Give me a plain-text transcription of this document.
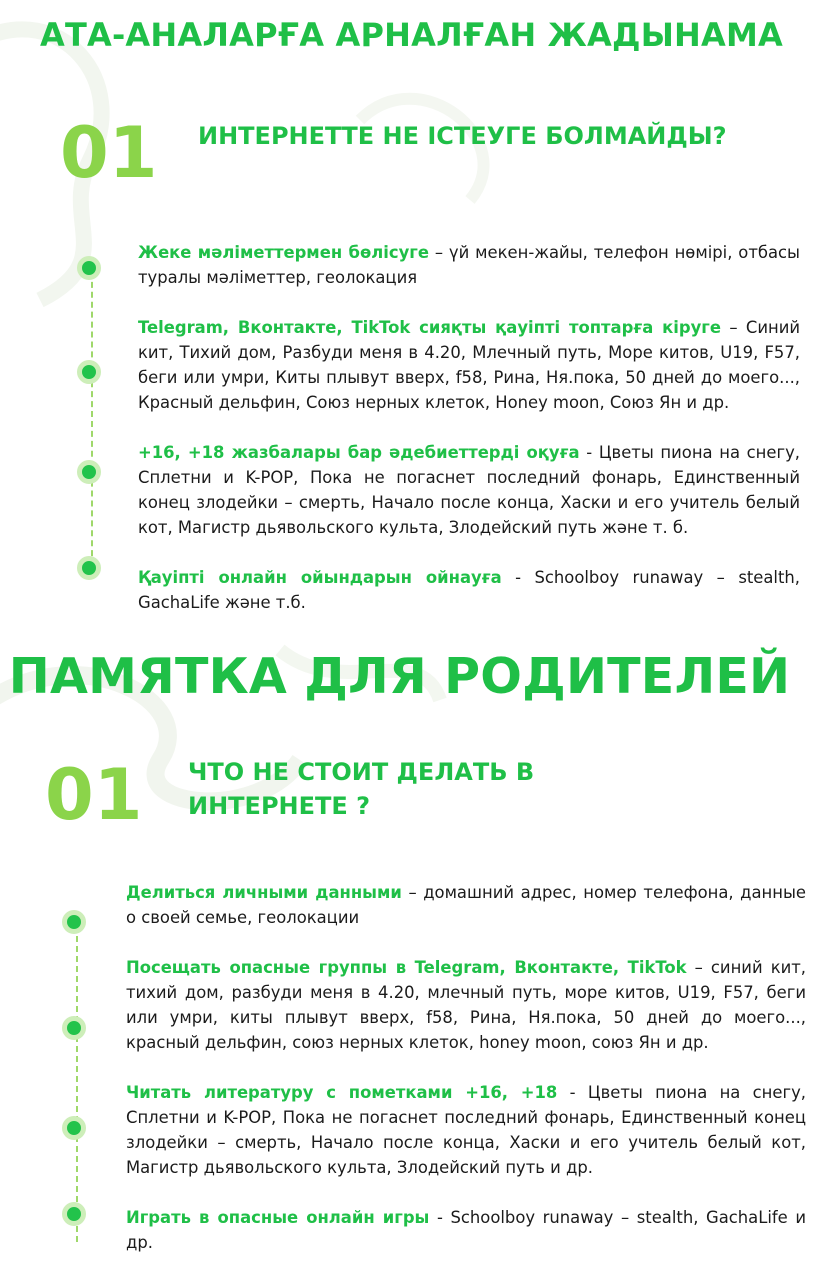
АТА-АНАЛАРҒА АРНАЛҒАН ЖАДЫНАМА
01 ИНТЕРНЕТТЕ НЕ ІСТЕУГЕ БОЛМАЙДЫ?

Жеке мәліметтермен бөлісуге – үй мекен-жайы, телефон нөмірі, отбасы туралы мәліметтер, геолокация

Telegram, Вконтакте, TikTok сияқты қауіпті топтарға кіруге – Синий кит, Тихий дом, Разбуди меня в 4.20, Млечный путь, Море китов, U19, F57, беги или умри, Киты плывут вверх, f58, Рина, Ня.пока, 50 дней до моего..., Красный дельфин, Союз нерных клеток, Honey moon, Союз Ян и др.

+16, +18 жазбалары бар әдебиеттерді оқуға - Цветы пиона на снегу, Сплетни и K-POP, Пока не погаснет последний фонарь, Единственный конец злодейки – смерть, Начало после конца, Хаски и его учитель белый кот, Магистр дьявольского культа, Злодейский путь және т. б.

Қауіпті онлайн ойындарын ойнауға - Schoolboy runaway – stealth, GachaLife және т.б.

ПАМЯТКА ДЛЯ РОДИТЕЛЕЙ
01 ЧТО НЕ СТОИТ ДЕЛАТЬ В ИНТЕРНЕТЕ ?

Делиться личными данными – домашний адрес, номер телефона, данные о своей семье, геолокации

Посещать опасные группы в Telegram, Вконтакте, TikTok – синий кит, тихий дом, разбуди меня в 4.20, млечный путь, море китов, U19, F57, беги или умри, киты плывут вверх, f58, Рина, Ня.пока, 50 дней до моего..., красный дельфин, союз нерных клеток, honey moon, союз Ян и др.

Читать литературу с пометками +16, +18 - Цветы пиона на снегу, Сплетни и K-POP, Пока не погаснет последний фонарь, Единственный конец злодейки – смерть, Начало после конца, Хаски и его учитель белый кот, Магистр дьявольского культа, Злодейский путь и др.

Играть в опасные онлайн игры - Schoolboy runaway – stealth, GachaLife и др.
